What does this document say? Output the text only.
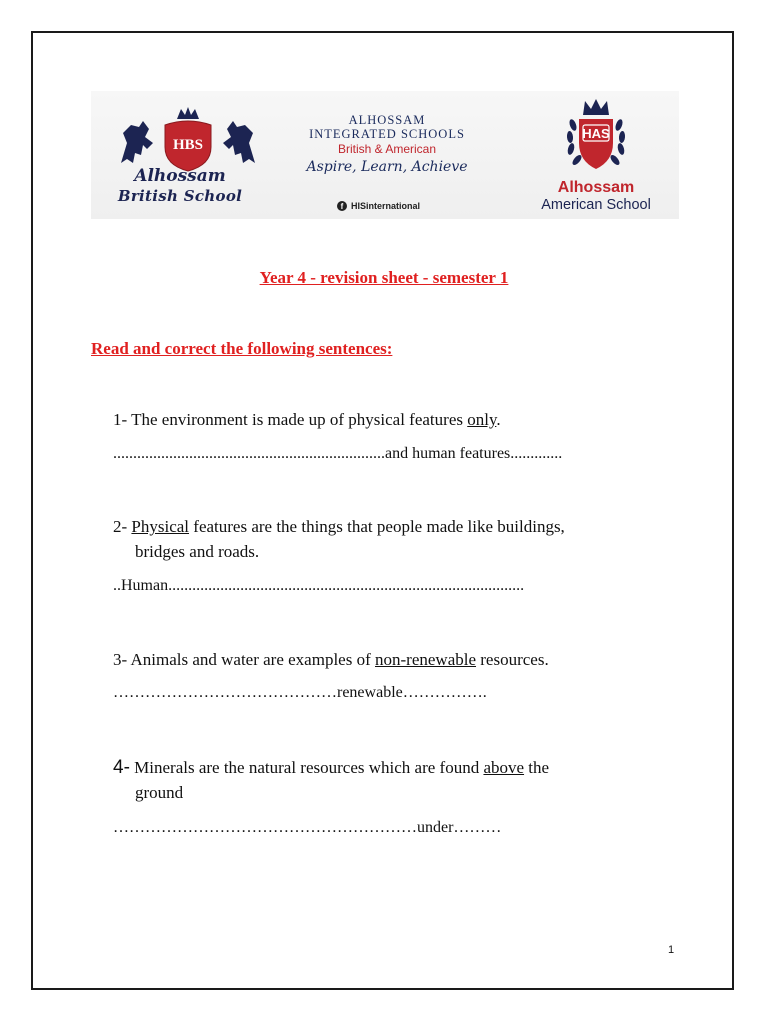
HBS
Alhossam
British School
ALHOSSAM
INTEGRATED SCHOOLS
British & American
Aspire, Learn, Achieve
f HISinternational
HAS
Alhossam
American School
Year 4 - revision sheet - semester 1
Read and correct the following sentences:
1- The environment is made up of physical features only.
....................................................................and human features.............
2- Physical features are the things that people made like buildings,
bridges and roads.
..Human.........................................................................................
3- Animals and water are examples of non-renewable resources.
……………………………………renewable…………….
4- Minerals are the natural resources which are found above the
ground
…………………………………………………under………
1
